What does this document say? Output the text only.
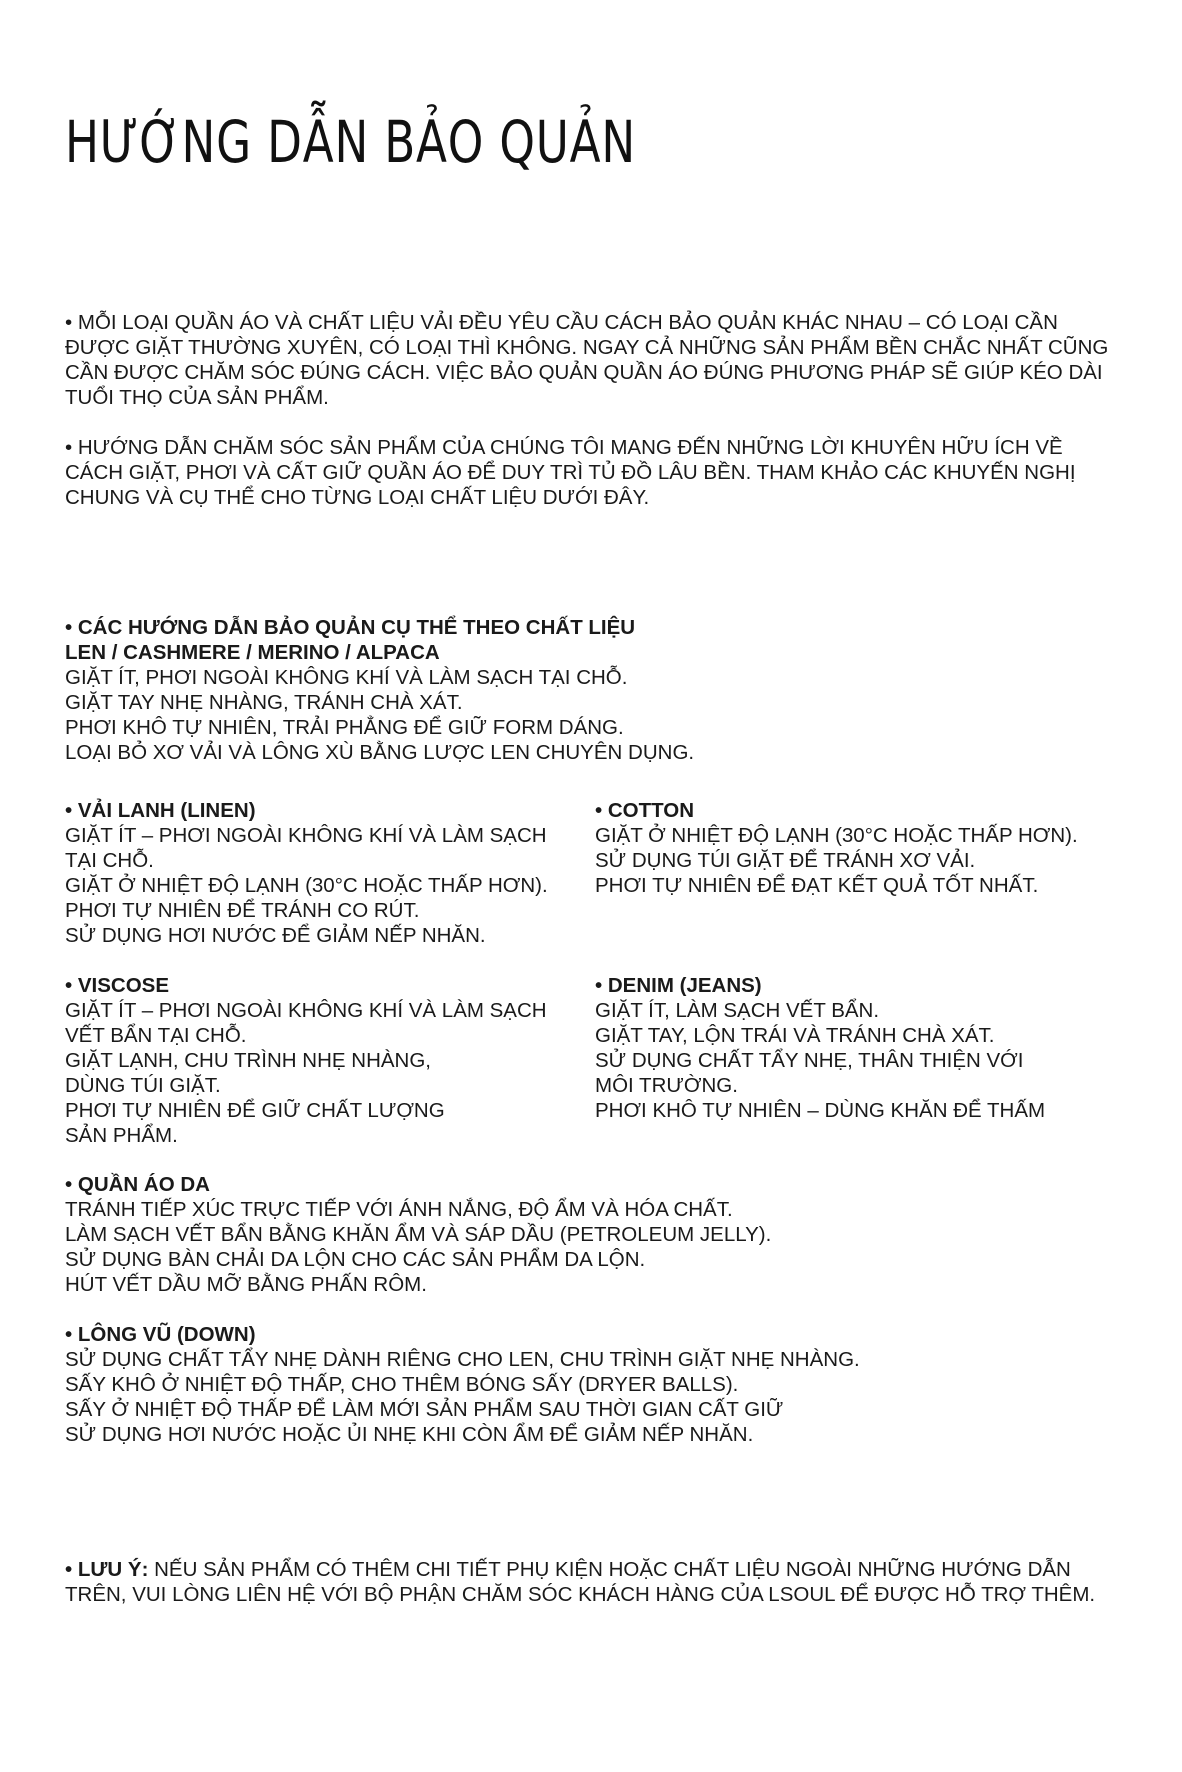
HƯỚNG DẪN BẢO QUẢN

• MỖI LOẠI QUẦN ÁO VÀ CHẤT LIỆU VẢI ĐỀU YÊU CẦU CÁCH BẢO QUẢN KHÁC NHAU – CÓ LOẠI CẦN ĐƯỢC GIẶT THƯỜNG XUYÊN, CÓ LOẠI THÌ KHÔNG. NGAY CẢ NHỮNG SẢN PHẨM BỀN CHẮC NHẤT CŨNG CẦN ĐƯỢC CHĂM SÓC ĐÚNG CÁCH. VIỆC BẢO QUẢN QUẦN ÁO ĐÚNG PHƯƠNG PHÁP SẼ GIÚP KÉO DÀI TUỔI THỌ CỦA SẢN PHẨM.

• HƯỚNG DẪN CHĂM SÓC SẢN PHẨM CỦA CHÚNG TÔI MANG ĐẾN NHỮNG LỜI KHUYÊN HỮU ÍCH VỀ CÁCH GIẶT, PHƠI VÀ CẤT GIỮ QUẦN ÁO ĐỂ DUY TRÌ TỦ ĐỒ LÂU BỀN. THAM KHẢO CÁC KHUYẾN NGHỊ CHUNG VÀ CỤ THỂ CHO TỪNG LOẠI CHẤT LIỆU DƯỚI ĐÂY.

• CÁC HƯỚNG DẪN BẢO QUẢN CỤ THỂ THEO CHẤT LIỆU
LEN / CASHMERE / MERINO / ALPACA
GIẶT ÍT, PHƠI NGOÀI KHÔNG KHÍ VÀ LÀM SẠCH TẠI CHỖ.
GIẶT TAY NHẸ NHÀNG, TRÁNH CHÀ XÁT.
PHƠI KHÔ TỰ NHIÊN, TRẢI PHẲNG ĐỂ GIỮ FORM DÁNG.
LOẠI BỎ XƠ VẢI VÀ LÔNG XÙ BẰNG LƯỢC LEN CHUYÊN DỤNG.
• VẢI LANH (LINEN)
GIẶT ÍT – PHƠI NGOÀI KHÔNG KHÍ VÀ LÀM SẠCH
TẠI CHỖ.
GIẶT Ở NHIỆT ĐỘ LẠNH (30°C HOẶC THẤP HƠN).
PHƠI TỰ NHIÊN ĐỂ TRÁNH CO RÚT.
SỬ DỤNG HƠI NƯỚC ĐỂ GIẢM NẾP NHĂN.
• COTTON
GIẶT Ở NHIỆT ĐỘ LẠNH (30°C HOẶC THẤP HƠN).
SỬ DỤNG TÚI GIẶT ĐỂ TRÁNH XƠ VẢI.
PHƠI TỰ NHIÊN ĐỂ ĐẠT KẾT QUẢ TỐT NHẤT.
• VISCOSE
GIẶT ÍT – PHƠI NGOÀI KHÔNG KHÍ VÀ LÀM SẠCH
VẾT BẨN TẠI CHỖ.
GIẶT LẠNH, CHU TRÌNH NHẸ NHÀNG,
DÙNG TÚI GIẶT.
PHƠI TỰ NHIÊN ĐỂ GIỮ CHẤT LƯỢNG
SẢN PHẨM.
• DENIM (JEANS)
GIẶT ÍT, LÀM SẠCH VẾT BẨN.
GIẶT TAY, LỘN TRÁI VÀ TRÁNH CHÀ XÁT.
SỬ DỤNG CHẤT TẨY NHẸ, THÂN THIỆN VỚI
MÔI TRƯỜNG.
PHƠI KHÔ TỰ NHIÊN – DÙNG KHĂN ĐỂ THẤM
• QUẦN ÁO DA
TRÁNH TIẾP XÚC TRỰC TIẾP VỚI ÁNH NẮNG, ĐỘ ẨM VÀ HÓA CHẤT.
LÀM SẠCH VẾT BẨN BẰNG KHĂN ẨM VÀ SÁP DẦU (PETROLEUM JELLY).
SỬ DỤNG BÀN CHẢI DA LỘN CHO CÁC SẢN PHẨM DA LỘN.
HÚT VẾT DẦU MỠ BẰNG PHẤN RÔM.
• LÔNG VŨ (DOWN)
SỬ DỤNG CHẤT TẨY NHẸ DÀNH RIÊNG CHO LEN, CHU TRÌNH GIẶT NHẸ NHÀNG.
SẤY KHÔ Ở NHIỆT ĐỘ THẤP, CHO THÊM BÓNG SẤY (DRYER BALLS).
SẤY Ở NHIỆT ĐỘ THẤP ĐỂ LÀM MỚI SẢN PHẨM SAU THỜI GIAN CẤT GIỮ
SỬ DỤNG HƠI NƯỚC HOẶC ỦI NHẸ KHI CÒN ẨM ĐỂ GIẢM NẾP NHĂN.

• LƯU Ý: NẾU SẢN PHẨM CÓ THÊM CHI TIẾT PHỤ KIỆN HOẶC CHẤT LIỆU NGOÀI NHỮNG HƯỚNG DẪN TRÊN, VUI LÒNG LIÊN HỆ VỚI BỘ PHẬN CHĂM SÓC KHÁCH HÀNG CỦA LSOUL ĐỂ ĐƯỢC HỖ TRỢ THÊM.
